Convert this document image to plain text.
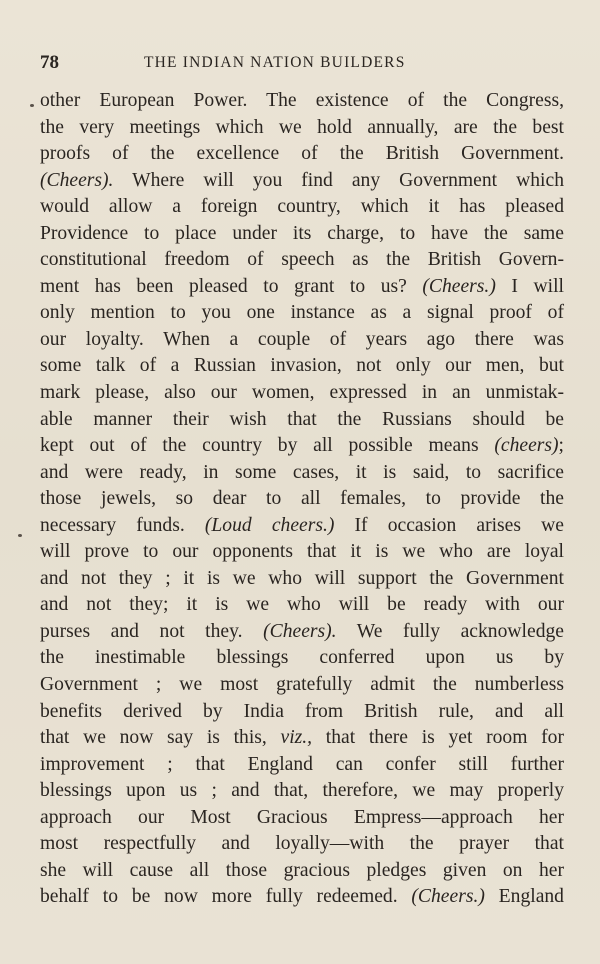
78	THE INDIAN NATION BUILDERS
οther European Power. The existence of the Congress,
the very meetings which we hold annually, are the best
proofs of the excellence of the British Government.
(Cheers). Where will you find any Government which
would allow a foreign country, which it has pleased
Providence to place under its charge, to have the same
constitutional freedom of speech as the British Govern-
ment has been pleased to grant to us? (Cheers.) I will
only mention to you one instance as a signal proof of
our loyalty. When a couple of years ago there was
some talk of a Russian invasion, not only our men, but
mark please, also our women, expressed in an unmistak-
able manner their wish that the Russians should be
kept out of the country by all possible means (cheers);
and were ready, in some cases, it is said, to sacrifice
those jewels, so dear to all females, to provide the
necessary funds. (Loud cheers.) If occasion arises we
will prove to our opponents that it is we who are loyal
and not they ; it is we who will support the Government
and not they; it is we who will be ready with our
purses and not they. (Cheers). We fully acknowledge
the inestimable blessings conferred upon us by
Government ; we most gratefully admit the numberless
benefits derived by India from British rule, and all
that we now say is this, viz., that there is yet room for
improvement ; that England can confer still further
blessings upon us ; and that, therefore, we may properly
approach our Most Gracious Empress—approach her
most respectfully and loyally—with the prayer that
she will cause all those gracious pledges given on her
behalf to be now more fully redeemed. (Cheers.) England
